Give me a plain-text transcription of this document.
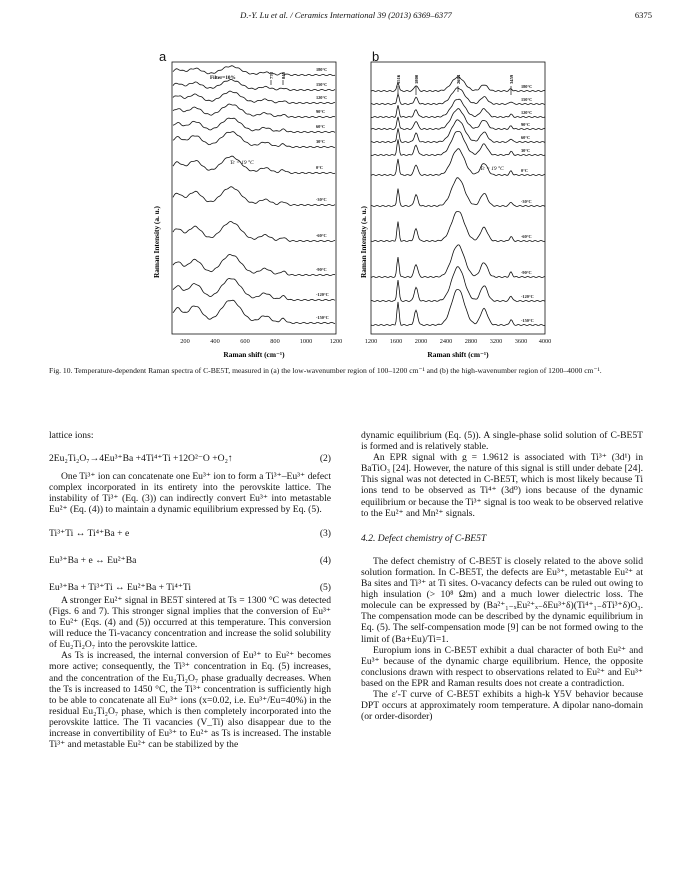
D.-Y. Lu et al. / Ceramics International 39 (2013) 6369–6377	6375
a	b
Raman Intensity (a. u.)	Raman Intensity (a. u.)
200	400	600	800	1000	1200	1200 1600 2000 2400 2800 3200 3600 4000
Raman shift (cm⁻¹)	Raman shift (cm⁻¹)
Filter=10%
Tc = 19 °C
Tc = 19 °C
778 840	1516	1800	2604	3459
180°C
150°C
120°C
90°C
60°C
30°C
0°C
-30°C
-60°C
-90°C
-120°C
-150°C
180°C
150°C
120°C
90°C
60°C
30°C
0°C
-30°C
-60°C
-90°C
-120°C
-150°C
Fig. 10. Temperature-dependent Raman spectra of C-BE5T, measured in (a) the low-wavenumber region of 100–1200 cm⁻¹ and (b) the high-wavenumber region of 1200–4000 cm⁻¹.

lattice ions:

2Eu₂Ti₂O₇→4Eu³⁺Ba +4Ti⁴⁺Ti +12O²⁻O +O₂↑	(2)

One Ti³⁺ ion can concatenate one Eu³⁺ ion to form a Ti³⁺–Eu³⁺ defect complex incorporated in its entirety into the perovskite lattice. The instability of Ti³⁺ (Eq. (3)) can indirectly convert Eu³⁺ into metastable Eu²⁺ (Eq. (4)) to maintain a dynamic equilibrium expressed by Eq. (5).

Ti³⁺Ti ↔ Ti⁴⁺Ba + e	(3)
Eu³⁺Ba + e ↔ Eu²⁺Ba	(4)
Eu³⁺Ba + Ti³⁺Ti ↔ Eu²⁺Ba + Ti⁴⁺Ti	(5)

A stronger Eu²⁺ signal in BE5T sintered at Ts = 1300 °C was detected (Figs. 6 and 7). This stronger signal implies that the conversion of Eu³⁺ to Eu²⁺ (Eqs. (4) and (5)) occurred at this temperature. This conversion will reduce the Ti-vacancy concentration and increase the solid solubility of Eu₂Ti₂O₇ into the perovskite lattice.

As Ts is increased, the internal conversion of Eu³⁺ to Eu²⁺ becomes more active; consequently, the Ti³⁺ concentration in Eq. (5) increases, and the concentration of the Eu₂Ti₂O₇ phase gradually decreases. When the Ts is increased to 1450 °C, the Ti³⁺ concentration is sufficiently high to be able to concatenate all Eu³⁺ ions (x=0.02, i.e. Eu³⁺/Eu=40%) in the residual Eu₂Ti₂O₇ phase, which is then completely incorporated into the perovskite lattice. The Ti vacancies (V_Ti) also disappear due to the increase in convertibility of Eu³⁺ to Eu²⁺ as Ts is increased. The instable Ti³⁺ and metastable Eu²⁺ can be stabilized by the

dynamic equilibrium (Eq. (5)). A single-phase solid solution of C-BE5T is formed and is relatively stable.

An EPR signal with g = 1.9612 is associated with Ti³⁺ (3d¹) in BaTiO₃ [24]. However, the nature of this signal is still under debate [24]. This signal was not detected in C-BE5T, which is most likely because Ti ions tend to be observed as Ti⁴⁺ (3d⁰) ions because of the dynamic equilibrium or because the Ti³⁺ signal is too weak to be observed relative to the Eu²⁺ and Mn²⁺ signals.

4.2. Defect chemistry of C-BE5T

The defect chemistry of C-BE5T is closely related to the above solid solution formation. In C-BE5T, the defects are Eu³⁺, metastable Eu²⁺ at Ba sites and Ti³⁺ at Ti sites. O-vacancy defects can be ruled out owing to high insulation (> 10⁸ Ωm) and a much lower dielectric loss. The molecule can be expressed by (Ba²⁺₁₋ₓEu²⁺ₓ₋δEu³⁺δ)(Ti⁴⁺₁₋δTi³⁺δ)O₃. The compensation mode can be described by the dynamic equilibrium in Eq. (5). The self-compensation mode [9] can be not formed owing to the limit of (Ba+Eu)/Ti=1.

Europium ions in C-BE5T exhibit a dual character of both Eu²⁺ and Eu³⁺ because of the dynamic charge equilibrium. Hence, the opposite conclusions drawn with respect to observations related to Eu²⁺ and Eu³⁺ based on the EPR and Raman results does not create a contradiction.

The ε′-T curve of C-BE5T exhibits a high-k Y5V behavior because DPT occurs at approximately room temperature. A dipolar nano-domain (or order-disorder)
